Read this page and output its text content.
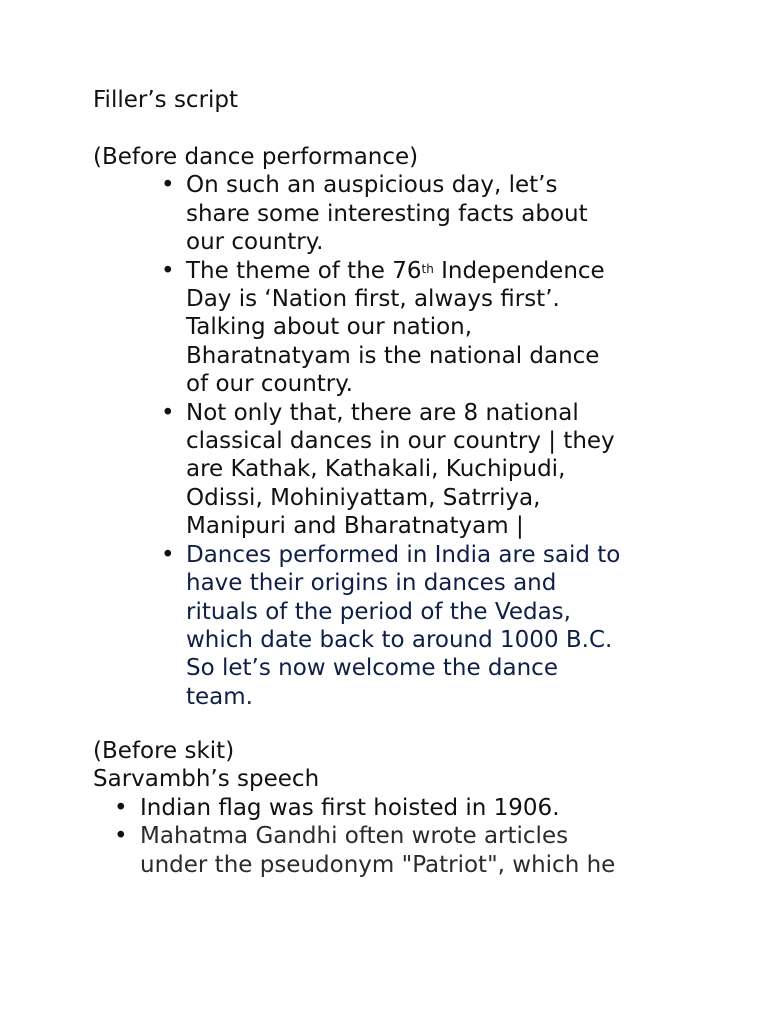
Filler’s script

(Before dance performance)

• On such an auspicious day, let’s
share some interesting facts about
our country.
• The theme of the 76th Independence
Day is ‘Nation first, always first’.
Talking about our nation,
Bharatnatyam is the national dance
of our country.
• Not only that, there are 8 national
classical dances in our country | they
are Kathak, Kathakali, Kuchipudi,
Odissi, Mohiniyattam, Satrriya,
Manipuri and Bharatnatyam |
• Dances performed in India are said to
have their origins in dances and
rituals of the period of the Vedas,
which date back to around 1000 B.C.
So let’s now welcome the dance
team.

(Before skit)

Sarvambh’s speech

• Indian flag was first hoisted in 1906.
• Mahatma Gandhi often wrote articles
under the pseudonym "Patriot", which he
